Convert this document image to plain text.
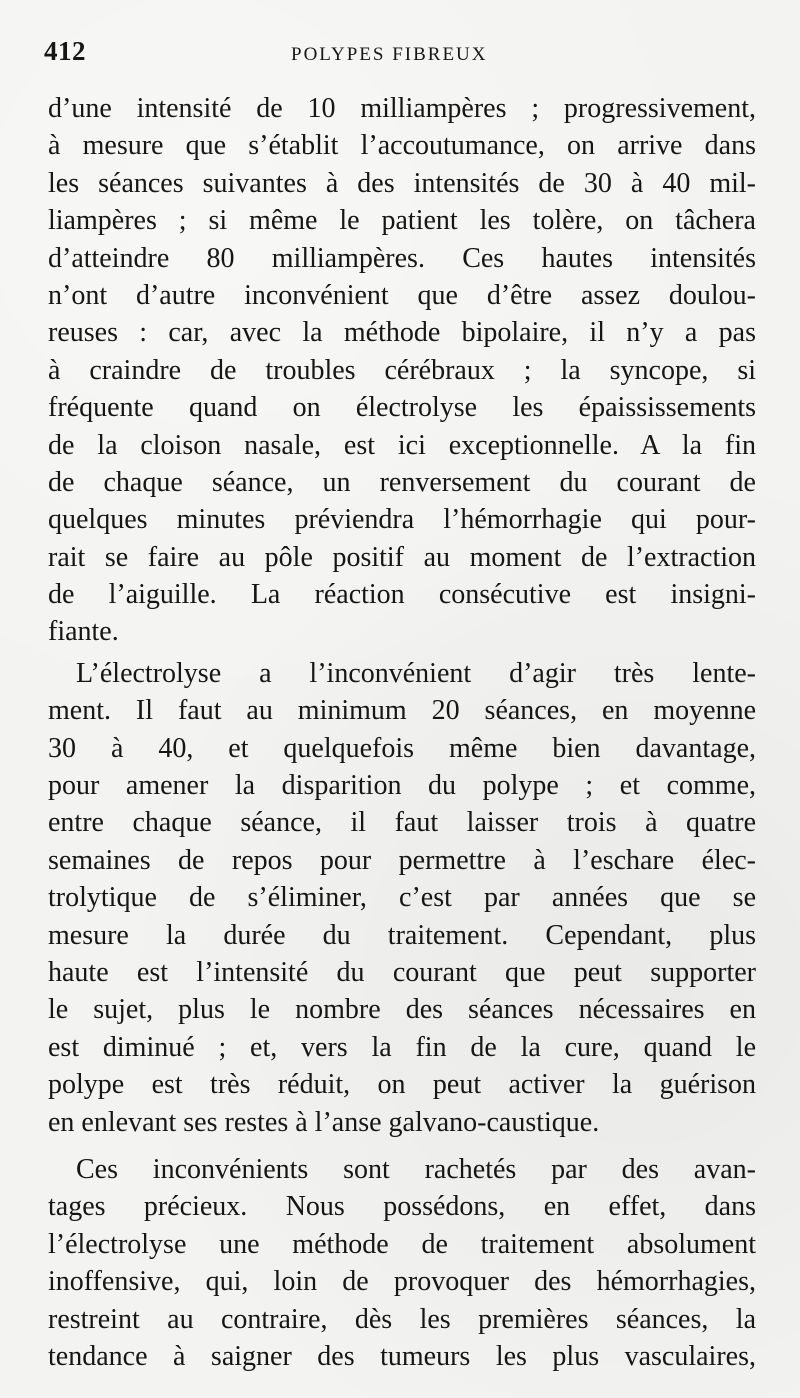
412	POLYPES FIBREUX
d’une intensité de 10 milliampères ; progressivement,
à mesure que s’établit l’accoutumance, on arrive dans
les séances suivantes à des intensités de 30 à 40 mil-
liampères ; si même le patient les tolère, on tâchera
d’atteindre 80 milliampères. Ces hautes intensités
n’ont d’autre inconvénient que d’être assez doulou-
reuses : car, avec la méthode bipolaire, il n’y a pas
à craindre de troubles cérébraux ; la syncope, si
fréquente quand on électrolyse les épaississements
de la cloison nasale, est ici exceptionnelle. A la fin
de chaque séance, un renversement du courant de
quelques minutes préviendra l’hémorrhagie qui pour-
rait se faire au pôle positif au moment de l’extraction
de l’aiguille. La réaction consécutive est insigni-
fiante.
L’électrolyse a l’inconvénient d’agir très lente-
ment. Il faut au minimum 20 séances, en moyenne
30 à 40, et quelquefois même bien davantage,
pour amener la disparition du polype ; et comme,
entre chaque séance, il faut laisser trois à quatre
semaines de repos pour permettre à l’eschare élec-
trolytique de s’éliminer, c’est par années que se
mesure la durée du traitement. Cependant, plus
haute est l’intensité du courant que peut supporter
le sujet, plus le nombre des séances nécessaires en
est diminué ; et, vers la fin de la cure, quand le
polype est très réduit, on peut activer la guérison
en enlevant ses restes à l’anse galvano-caustique.
Ces inconvénients sont rachetés par des avan-
tages précieux. Nous possédons, en effet, dans
l’électrolyse une méthode de traitement absolument
inoffensive, qui, loin de provoquer des hémorrhagies,
restreint au contraire, dès les premières séances, la
tendance à saigner des tumeurs les plus vasculaires,
